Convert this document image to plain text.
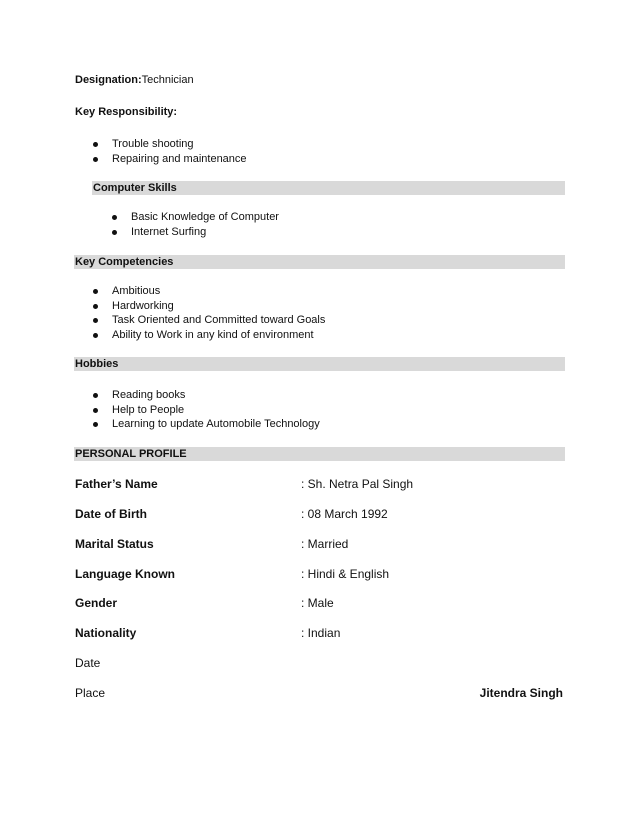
Designation:Technician
Key Responsibility:
Trouble shooting
Repairing and maintenance
Computer Skills
Basic Knowledge of Computer
Internet Surfing
Key Competencies
Ambitious
Hardworking
Task Oriented and Committed toward Goals
Ability to Work in any kind of environment
Hobbies
Reading books
Help to People
Learning to update Automobile Technology
PERSONAL PROFILE
Father’s Name	: Sh. Netra Pal Singh
Date of Birth	: 08 March 1992
Marital Status	: Married
Language Known	: Hindi & English
Gender	: Male
Nationality	: Indian
Date
Place	Jitendra Singh
